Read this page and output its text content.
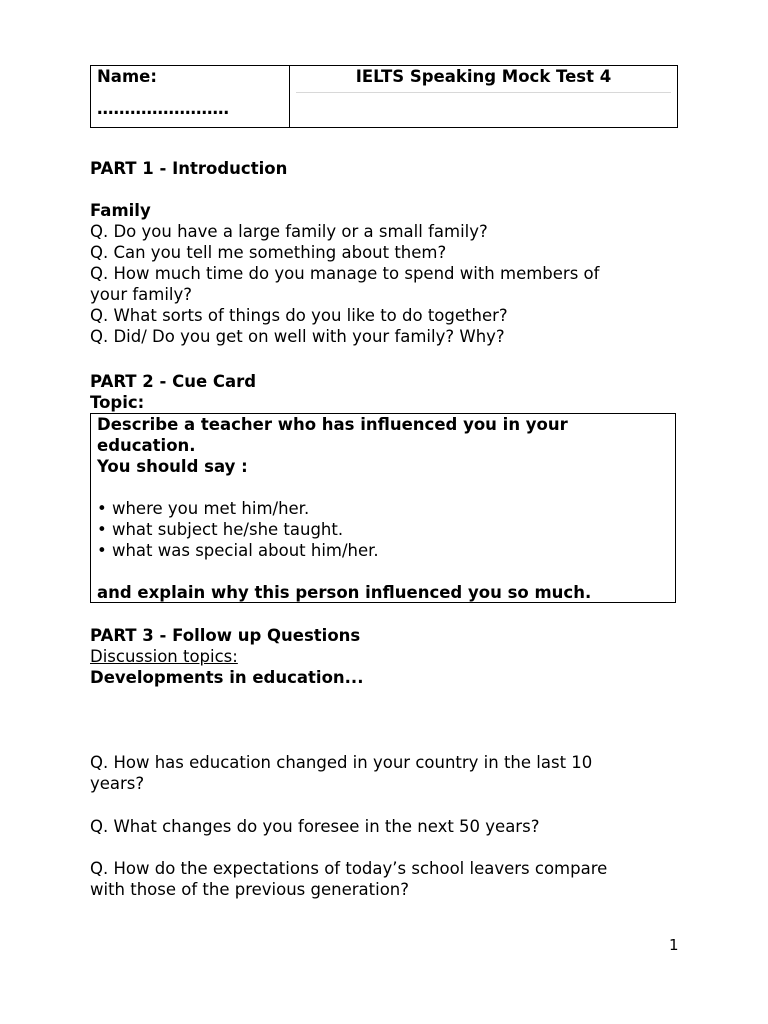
Name:
……………………
IELTS Speaking Mock Test 4
PART 1 - Introduction
Family
Q. Do you have a large family or a small family?
Q. Can you tell me something about them?
Q. How much time do you manage to spend with members of
your family?
Q. What sorts of things do you like to do together?
Q. Did/ Do you get on well with your family? Why?
PART 2 - Cue Card
Topic:
Describe a teacher who has influenced you in your
education.
You should say :
• where you met him/her.
• what subject he/she taught.
• what was special about him/her.
and explain why this person influenced you so much.
PART 3 - Follow up Questions
Discussion topics:
Developments in education...
Q. How has education changed in your country in the last 10
years?
Q. What changes do you foresee in the next 50 years?
Q. How do the expectations of today’s school leavers compare
with those of the previous generation?
1
